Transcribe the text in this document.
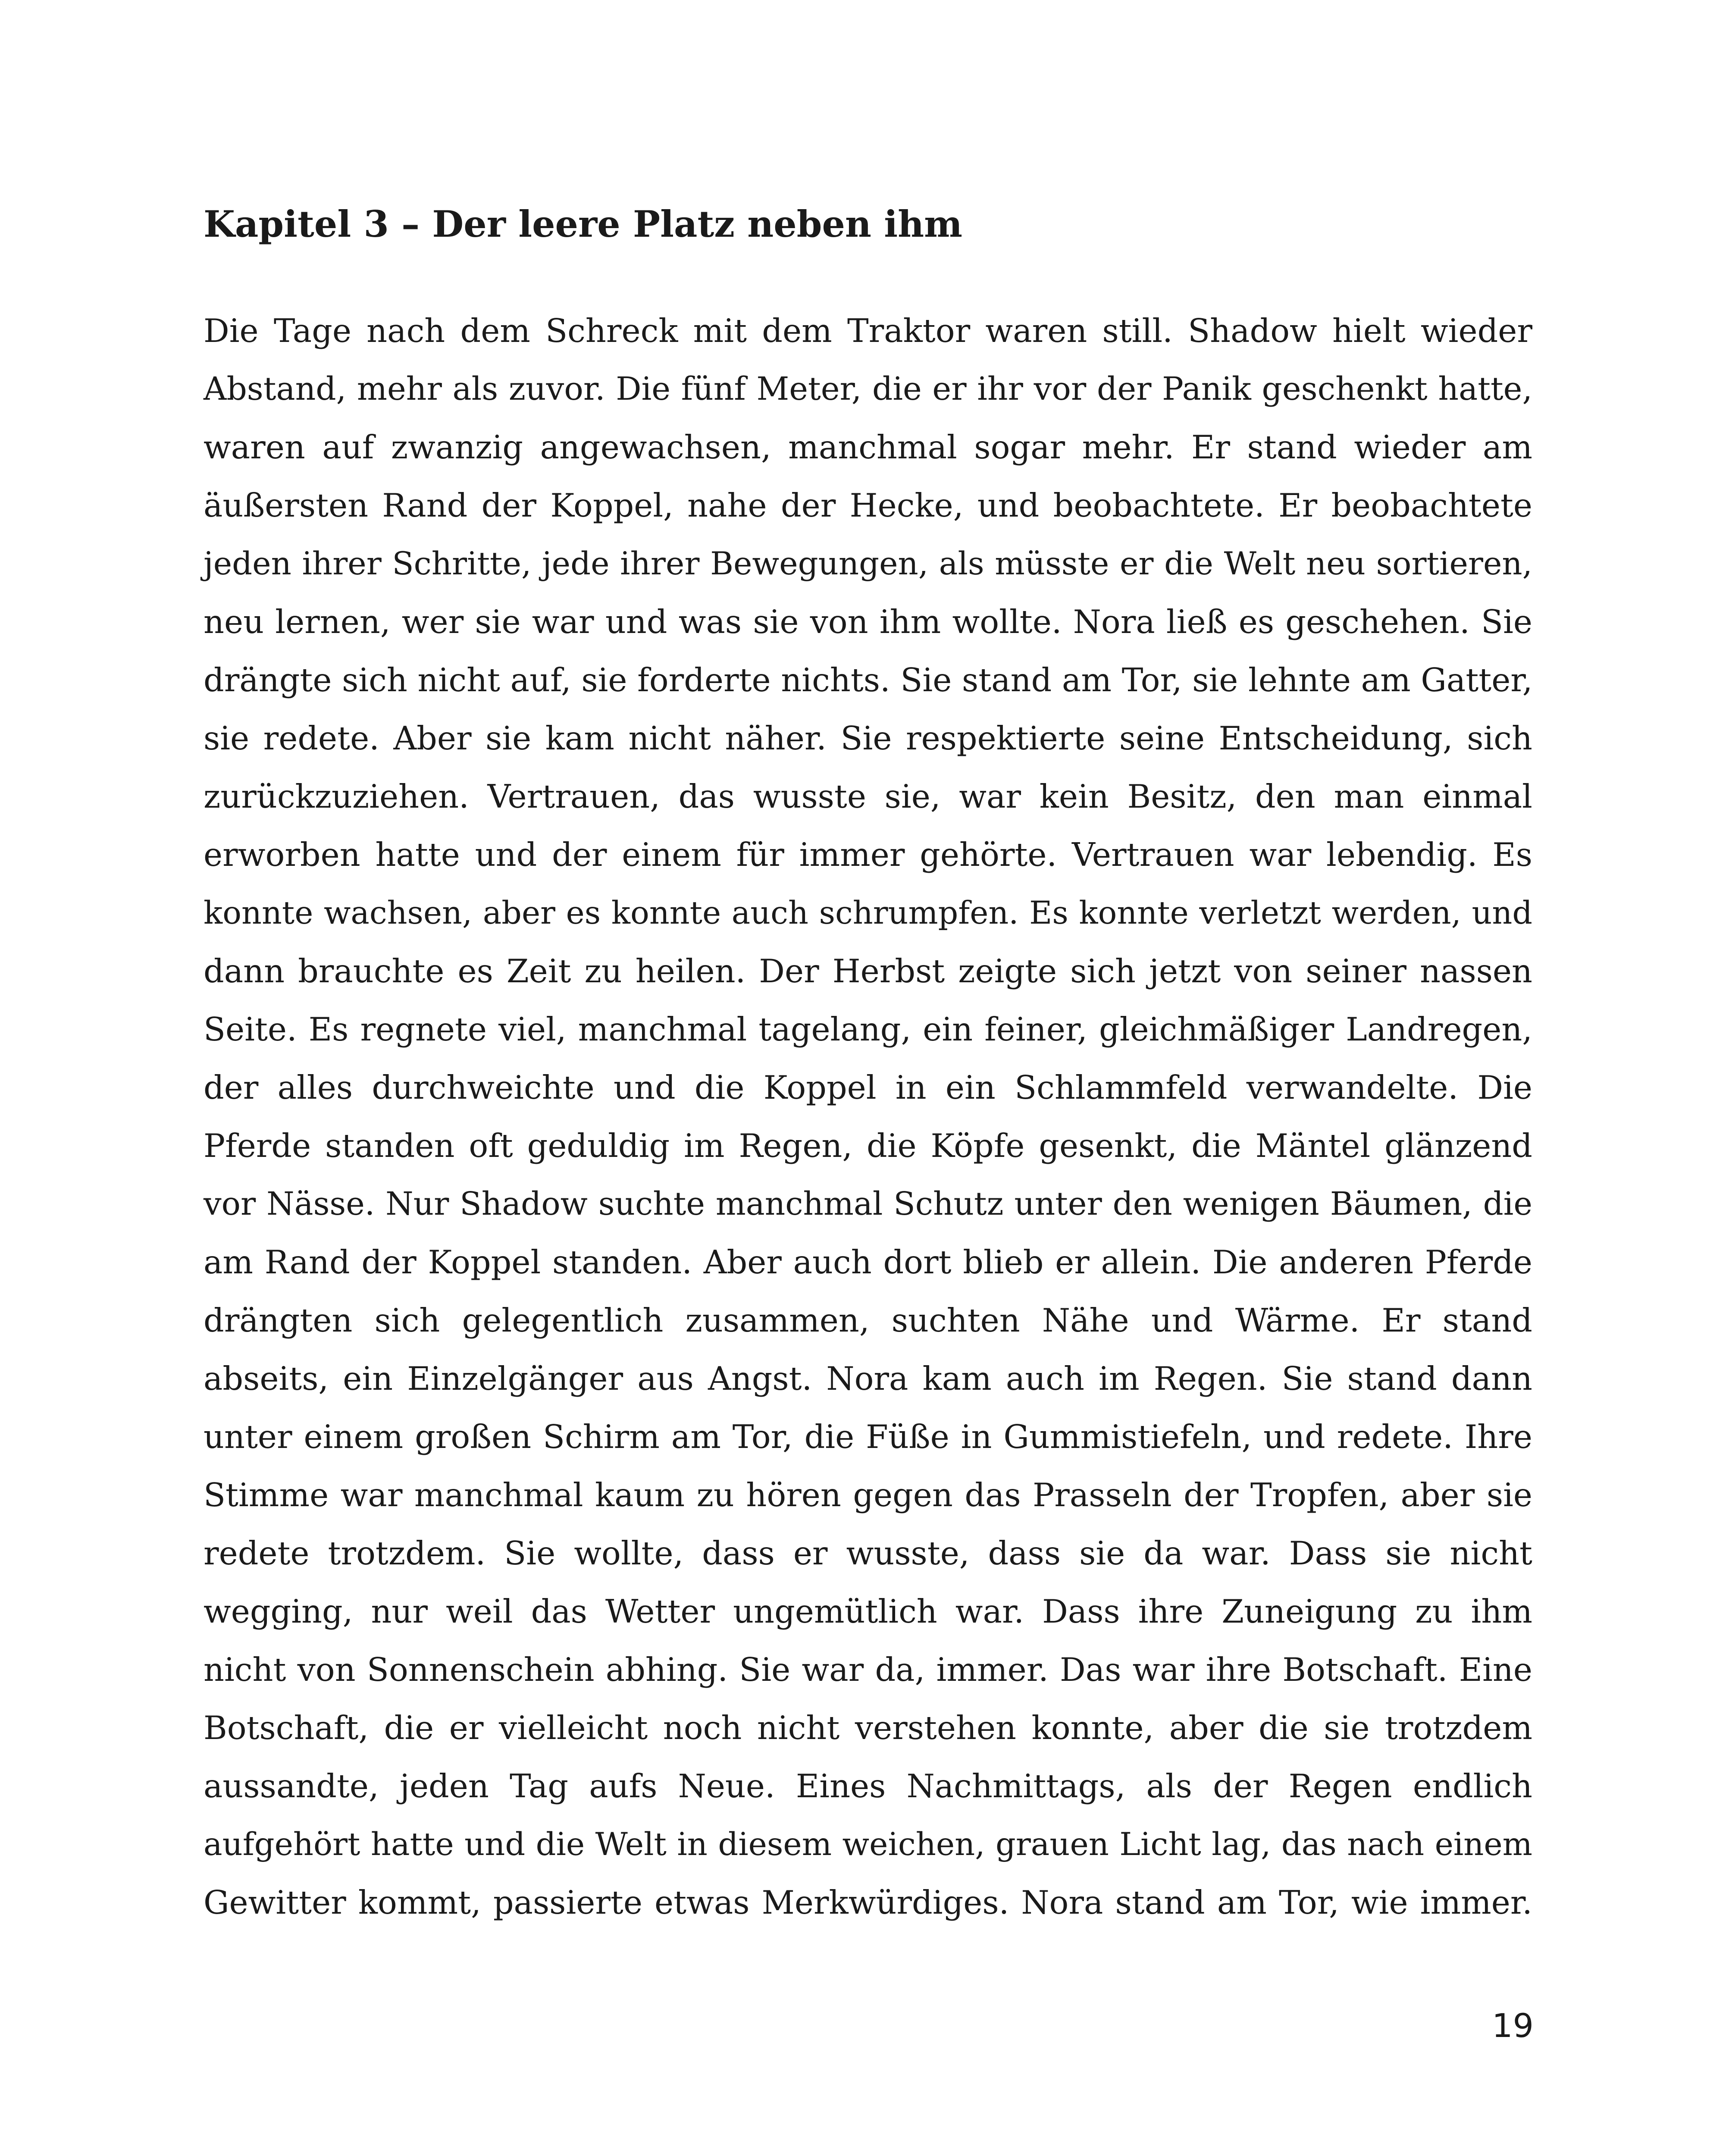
Kapitel 3 – Der leere Platz neben ihm
Die Tage nach dem Schreck mit dem Traktor waren still. Shadow hielt wieder
Abstand, mehr als zuvor. Die fünf Meter, die er ihr vor der Panik geschenkt hatte,
waren auf zwanzig angewachsen, manchmal sogar mehr. Er stand wieder am
äußersten Rand der Koppel, nahe der Hecke, und beobachtete. Er beobachtete
jeden ihrer Schritte, jede ihrer Bewegungen, als müsste er die Welt neu sortieren,
neu lernen, wer sie war und was sie von ihm wollte. Nora ließ es geschehen. Sie
drängte sich nicht auf, sie forderte nichts. Sie stand am Tor, sie lehnte am Gatter,
sie redete. Aber sie kam nicht näher. Sie respektierte seine Entscheidung, sich
zurückzuziehen. Vertrauen, das wusste sie, war kein Besitz, den man einmal
erworben hatte und der einem für immer gehörte. Vertrauen war lebendig. Es
konnte wachsen, aber es konnte auch schrumpfen. Es konnte verletzt werden, und
dann brauchte es Zeit zu heilen. Der Herbst zeigte sich jetzt von seiner nassen
Seite. Es regnete viel, manchmal tagelang, ein feiner, gleichmäßiger Landregen,
der alles durchweichte und die Koppel in ein Schlammfeld verwandelte. Die
Pferde standen oft geduldig im Regen, die Köpfe gesenkt, die Mäntel glänzend
vor Nässe. Nur Shadow suchte manchmal Schutz unter den wenigen Bäumen, die
am Rand der Koppel standen. Aber auch dort blieb er allein. Die anderen Pferde
drängten sich gelegentlich zusammen, suchten Nähe und Wärme. Er stand
abseits, ein Einzelgänger aus Angst. Nora kam auch im Regen. Sie stand dann
unter einem großen Schirm am Tor, die Füße in Gummistiefeln, und redete. Ihre
Stimme war manchmal kaum zu hören gegen das Prasseln der Tropfen, aber sie
redete trotzdem. Sie wollte, dass er wusste, dass sie da war. Dass sie nicht
wegging, nur weil das Wetter ungemütlich war. Dass ihre Zuneigung zu ihm
nicht von Sonnenschein abhing. Sie war da, immer. Das war ihre Botschaft. Eine
Botschaft, die er vielleicht noch nicht verstehen konnte, aber die sie trotzdem
aussandte, jeden Tag aufs Neue. Eines Nachmittags, als der Regen endlich
aufgehört hatte und die Welt in diesem weichen, grauen Licht lag, das nach einem
Gewitter kommt, passierte etwas Merkwürdiges. Nora stand am Tor, wie immer.
19
